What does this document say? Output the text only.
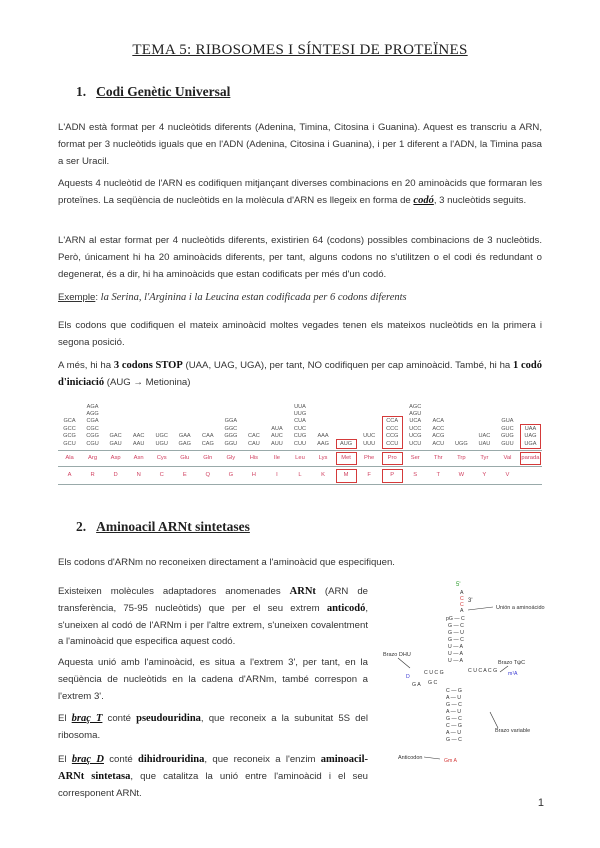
TEMA 5: RIBOSOMES I SÍNTESI DE PROTEÏNES
1. Codi Genètic Universal
L'ADN està format per 4 nucleòtids diferents (Adenina, Timina, Citosina i Guanina). Aquest es transcriu a ARN, format per 3 nucleòtids iguals que en l'ADN (Adenina, Citosina i Guanina), i per 1 diferent a l'ADN, la Timina pasa a ser Uracil.
Aquests 4 nucleòtid de l'ARN es codifiquen mitjançant diverses combinacions en 20 aminoàcids que formaran les proteïnes. La seqüència de nucleòtids en la molècula d'ARN es llegeix en forma de codó, 3 nucleòtids seguits.
L'ARN al estar format per 4 nucleòtids diferents, existirien 64 (codons) possibles combinacions de 3 nucleòtids. Però, únicament hi ha 20 aminoàcids diferents, per tant, alguns codons no s'utilitzen o el codi és redundant o degenerat, és a dir, hi ha aminoàcids que estan codificats per més d'un codó.
Exemple: la Serina, l'Arginina i la Leucina estan codificada per 6 codons diferents
Els codons que codifiquen el mateix aminoàcid moltes vegades tenen els mateixos nucleòtids en la primera i segona posició.
A més, hi ha 3 codons STOP (UAA, UAG, UGA), per tant, NO codifiquen per cap aminoàcid. També, hi ha 1 codó d'iniciació (AUG → Metionina)
GCA
GCC
GCG
GCU
Ala
A
AGA
AGG
CGA
CGC
CGG
CGU
Arg
R
GAC
GAU
Asp
D
AAC
AAU
Asn
N
UGC
UGU
Cys
C
GAA
GAG
Glu
E
CAA
CAG
Gln
Q
GGA
GGC
GGG
GGU
Gly
G
CAC
CAU
His
H
AUA
AUC
AUU
Ile
I
UUA
UUG
CUA
CUC
CUG
CUU
Leu
L
AAA
AAG
Lys
K
AUG
Met
M
UUC
UUU
Phe
F
CCA
CCC
CCG
CCU
Pro
P
AGC
AGU
UCA
UCC
UCG
UCU
Ser
S
ACA
ACC
ACG
ACU
Thr
T
UGG
Trp
W
UAC
UAU
Tyr
Y
GUA
GUC
GUG
GUU
Val
V
UAA
UAG
UGA
parada
2. Aminoacil ARNt sintetases
Els codons d'ARNm no reconeixen directament a l'aminoàcid que especifiquen.
Existeixen molècules adaptadores anomenades ARNt (ARN de transferència, 75-95 nucleòtids) que per el seu extrem anticodó, s'uneixen al codó de l'ARNm i per l'altre extrem, s'uneixen covalentment a l'aminoàcid que especifica aquest codó.
Aquesta unió amb l'aminoàcid, es situa a l'extrem 3', per tant, en la seqüència de nucleòtids en la cadena d'ARNm, també correspon a l'extrem 3'.
El braç T conté pseudouridina, que reconeix a la subunitat 5S del ribosoma.
El braç D conté dihidrouridina, que reconeix a l'enzim aminoacil-ARNt sintetasa, que catalitza la unió entre l'aminoàcid i el seu corresponent ARNt.
5'
3'
Unión a aminoácido
Brazo DHU
Brazo TψC
Brazo variable
Anticodon
A
C
C
A
pG — C
G — C
G — U
G — C
U — A
U — A
U — A
C U C A C G
C U C G
D
G A G C
C — G
A — U
G — C
A — U
G — C
C — G
A — U
G — C
Gm A
m¹A
1
